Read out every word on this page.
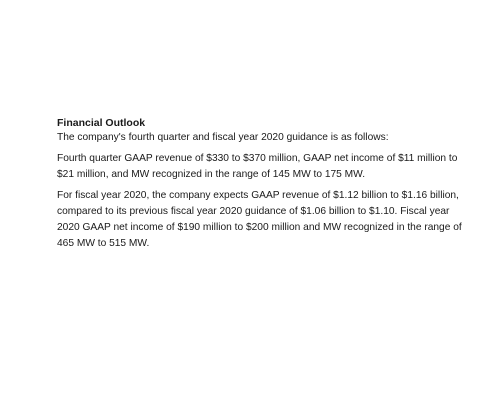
Financial Outlook

The company's fourth quarter and fiscal year 2020 guidance is as follows:

Fourth quarter GAAP revenue of $330 to $370 million, GAAP net income of $11 million to $21 million, and MW recognized in the range of 145 MW to 175 MW.

For fiscal year 2020, the company expects GAAP revenue of $1.12 billion to $1.16 billion, compared to its previous fiscal year 2020 guidance of $1.06 billion to $1.10. Fiscal year 2020 GAAP net income of $190 million to $200 million and MW recognized in the range of 465 MW to 515 MW.
